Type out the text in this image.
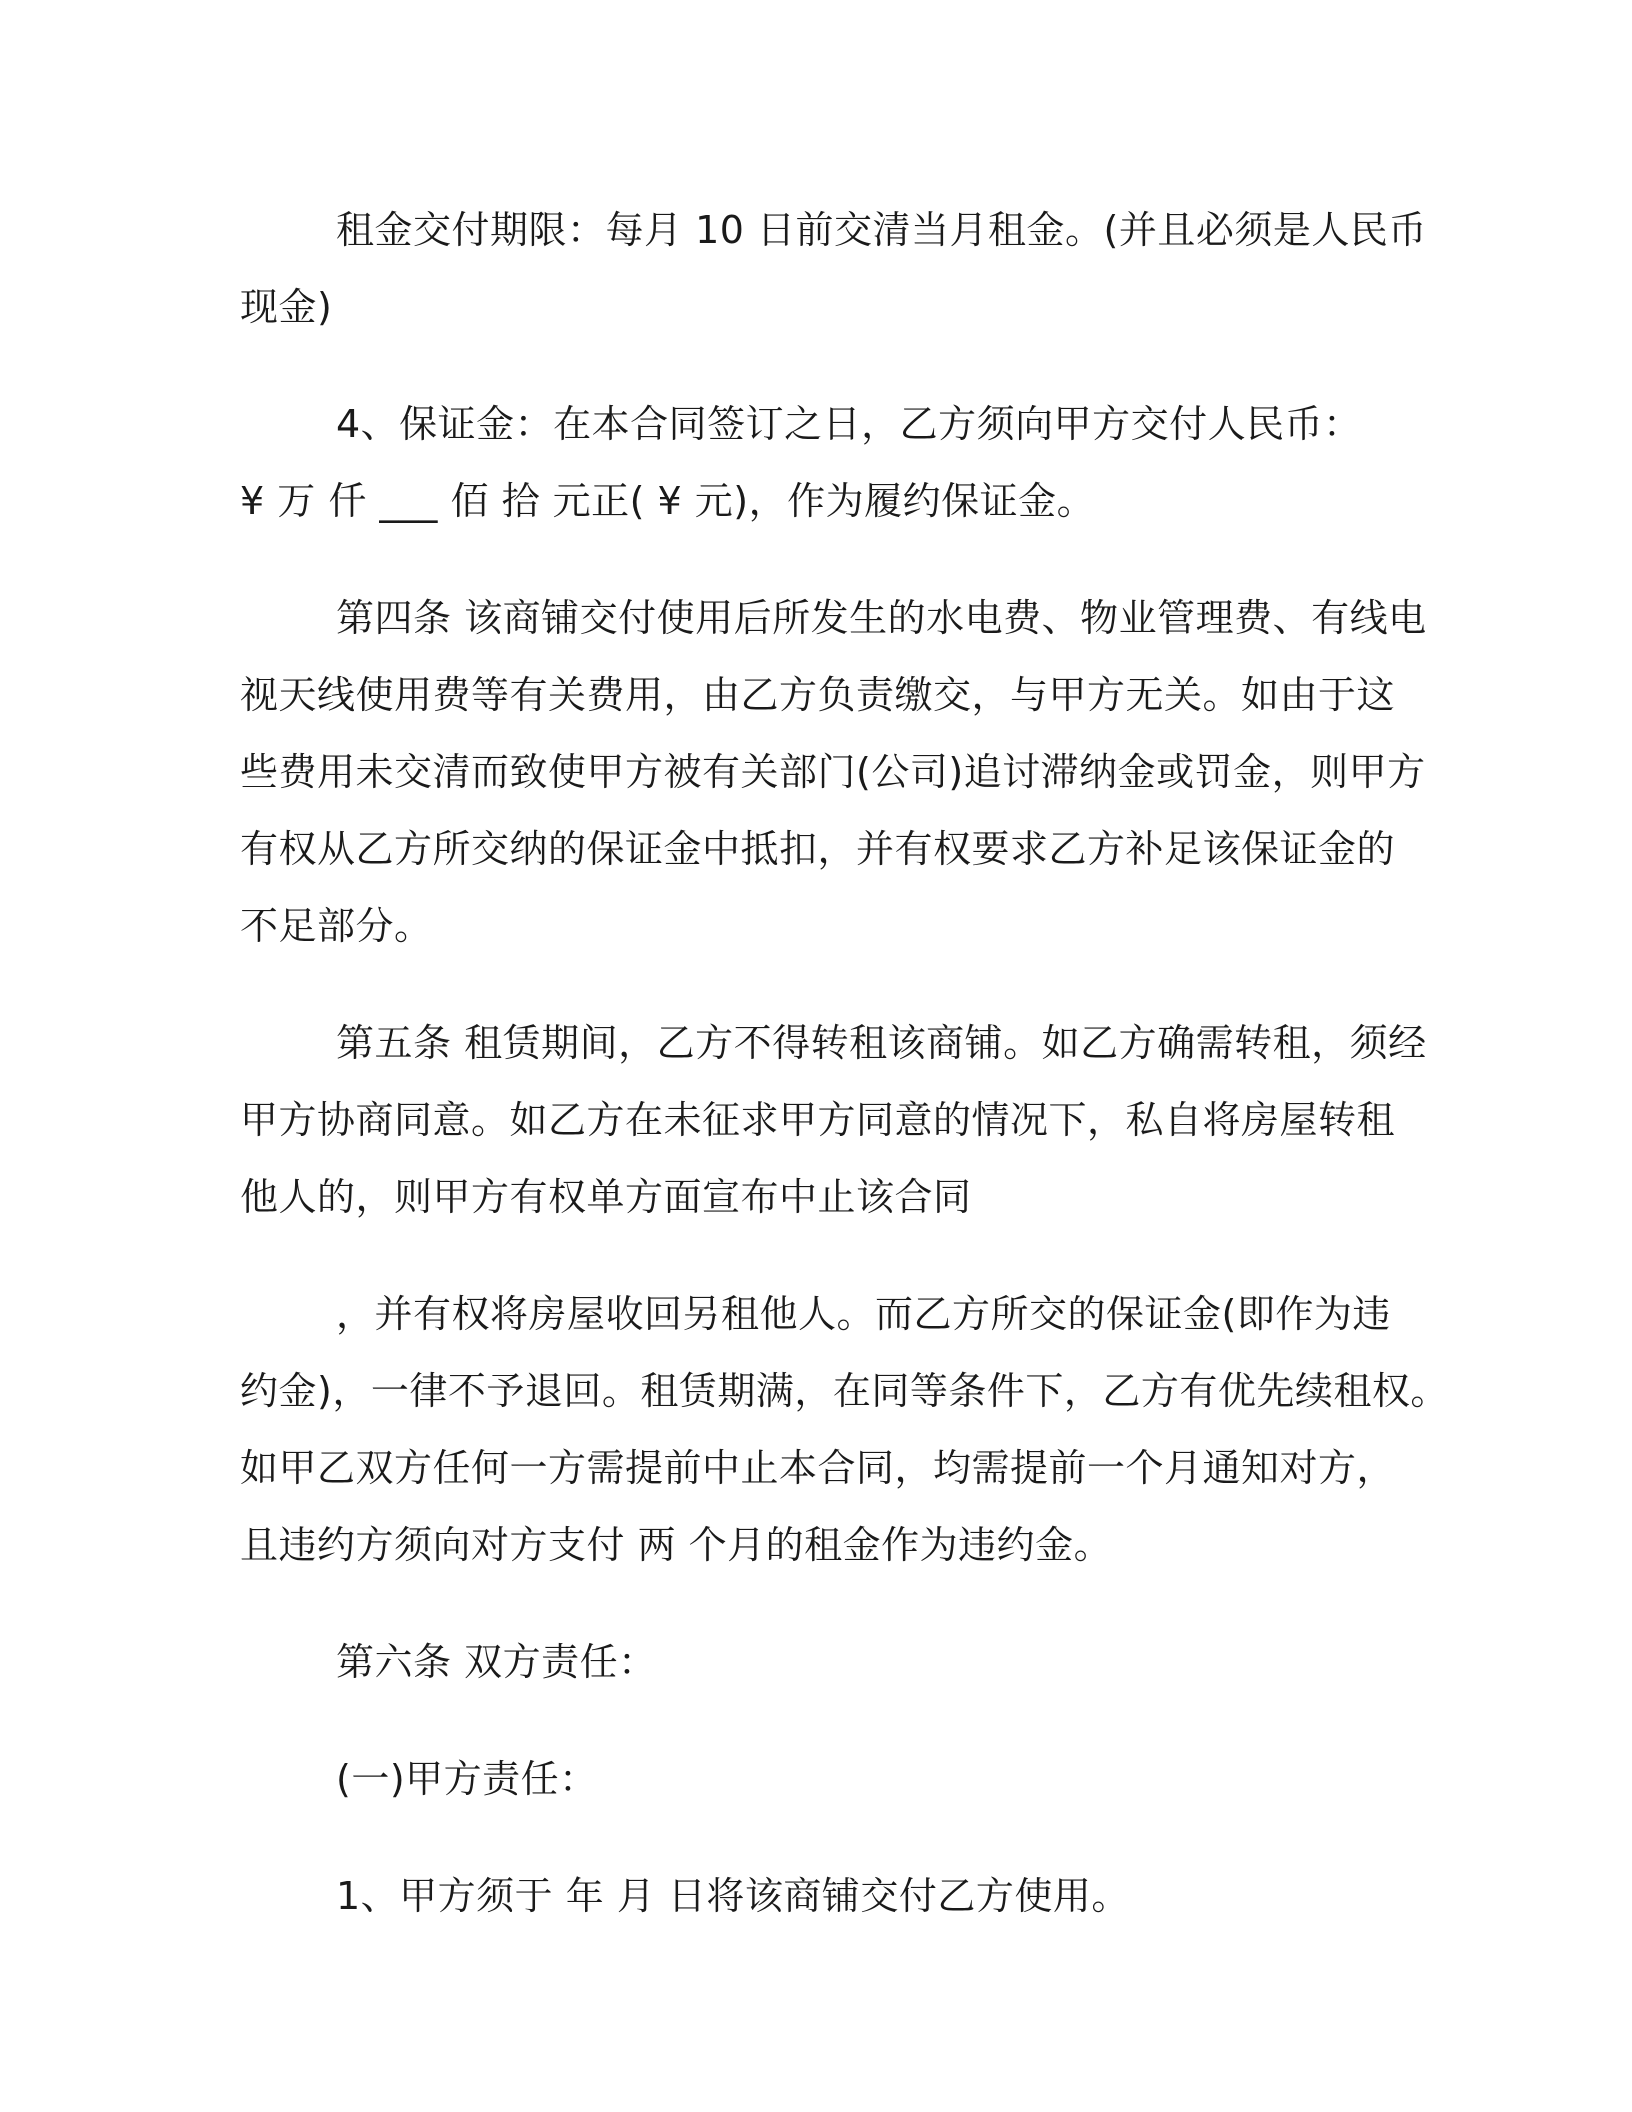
租金交付期限：每月 10 日前交清当月租金。(并且必须是人民币
现金)

4、保证金：在本合同签订之日，乙方须向甲方交付人民币：
¥ 万 仟 ___ 佰 拾 元正( ¥ 元)，作为履约保证金。

第四条 该商铺交付使用后所发生的水电费、物业管理费、有线电
视天线使用费等有关费用，由乙方负责缴交，与甲方无关。如由于这
些费用未交清而致使甲方被有关部门(公司)追讨滞纳金或罚金，则甲方
有权从乙方所交纳的保证金中抵扣，并有权要求乙方补足该保证金的
不足部分。

第五条 租赁期间，乙方不得转租该商铺。如乙方确需转租，须经
甲方协商同意。如乙方在未征求甲方同意的情况下，私自将房屋转租
他人的，则甲方有权单方面宣布中止该合同

，并有权将房屋收回另租他人。而乙方所交的保证金(即作为违
约金)，一律不予退回。租赁期满，在同等条件下，乙方有优先续租权。
如甲乙双方任何一方需提前中止本合同，均需提前一个月通知对方，
且违约方须向对方支付 两 个月的租金作为违约金。

第六条 双方责任：

(一)甲方责任：

1、甲方须于 年 月 日将该商铺交付乙方使用。
